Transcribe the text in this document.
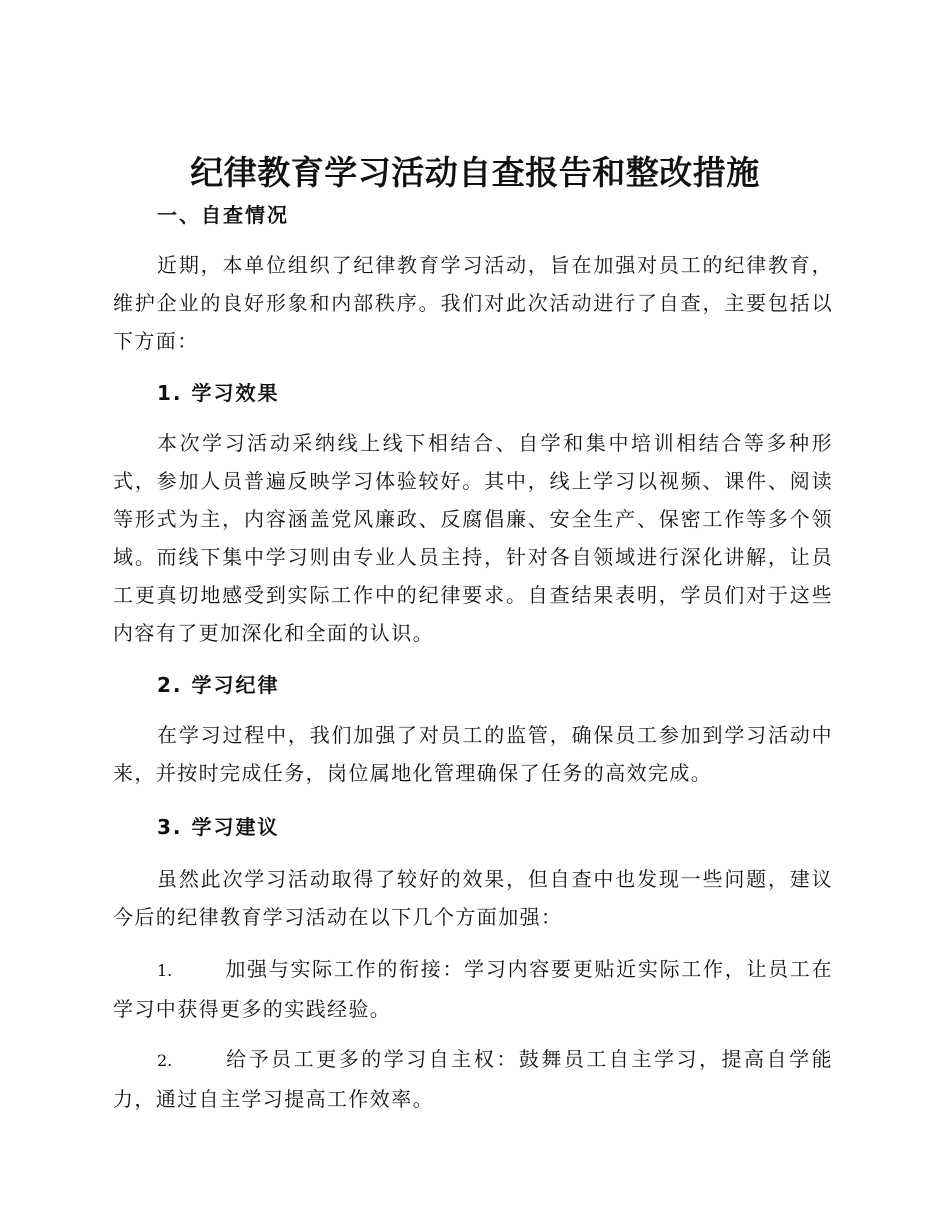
纪律教育学习活动自查报告和整改措施
一、自查情况
近期，本单位组织了纪律教育学习活动，旨在加强对员工的纪律教育，维护企业的良好形象和内部秩序。我们对此次活动进行了自查，主要包括以下方面：
1. 学习效果
本次学习活动采纳线上线下相结合、自学和集中培训相结合等多种形式，参加人员普遍反映学习体验较好。其中，线上学习以视频、课件、阅读等形式为主，内容涵盖党风廉政、反腐倡廉、安全生产、保密工作等多个领域。而线下集中学习则由专业人员主持，针对各自领域进行深化讲解，让员工更真切地感受到实际工作中的纪律要求。自查结果表明，学员们对于这些内容有了更加深化和全面的认识。
2. 学习纪律
在学习过程中，我们加强了对员工的监管，确保员工参加到学习活动中来，并按时完成任务，岗位属地化管理确保了任务的高效完成。
3. 学习建议
虽然此次学习活动取得了较好的效果，但自查中也发现一些问题，建议今后的纪律教育学习活动在以下几个方面加强：
1.	加强与实际工作的衔接：学习内容要更贴近实际工作，让员工在学习中获得更多的实践经验。
2.	给予员工更多的学习自主权：鼓舞员工自主学习，提高自学能力，通过自主学习提高工作效率。
